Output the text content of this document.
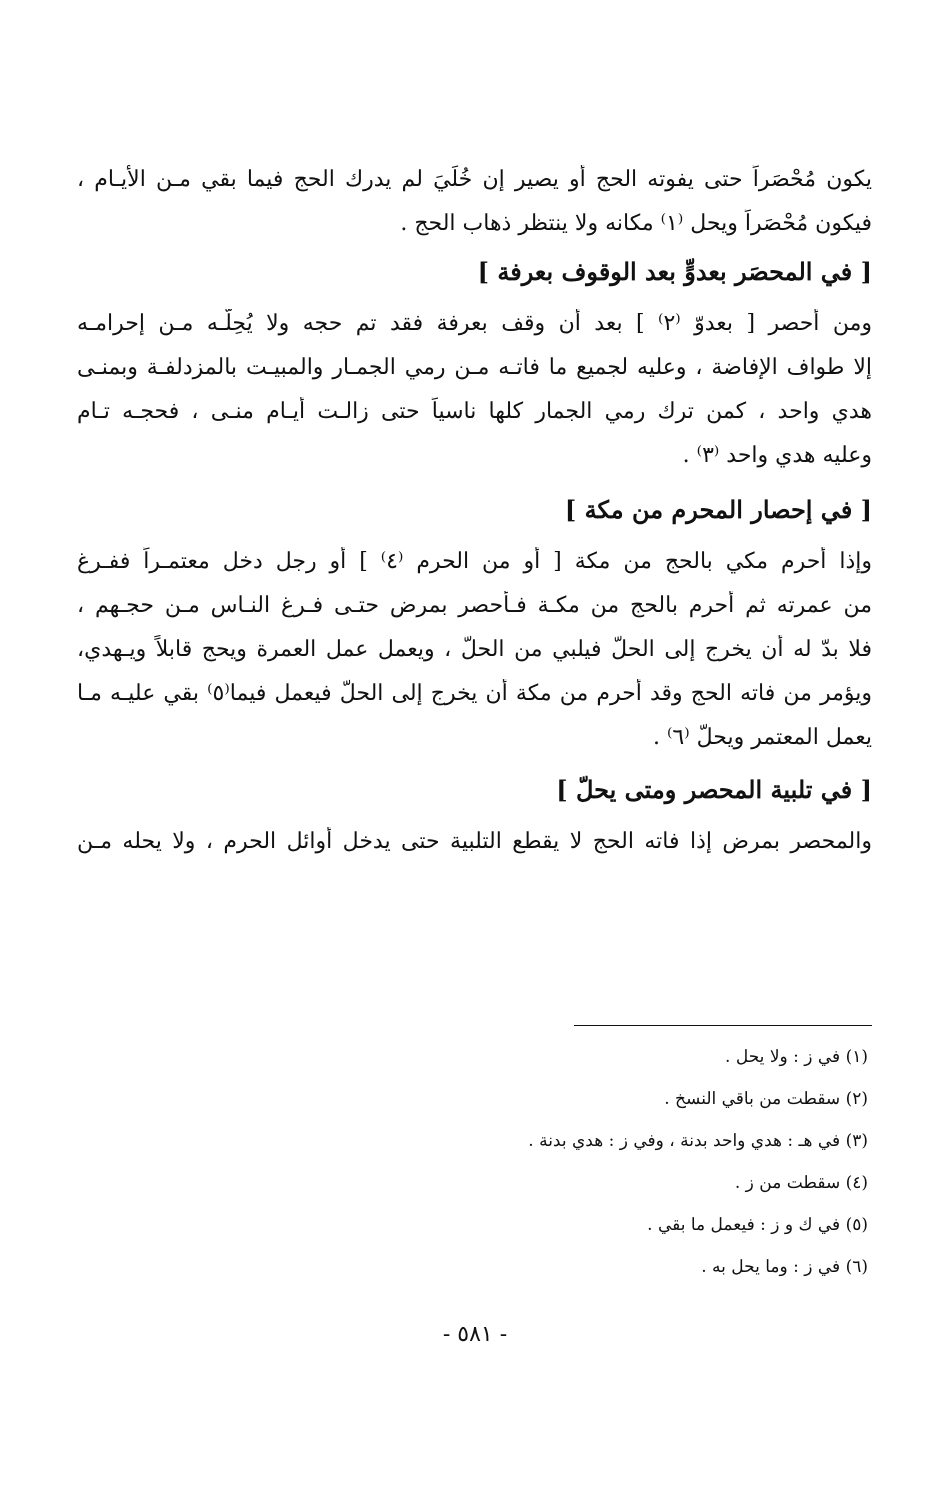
يكون مُحْصَراً حتى يفوته الحج أو يصير إن خُلِّيَ لم يدرك الحج فيما بقي مـن الأيـام ،
فيكون مُحْصَراً ويحل ⁽١⁾ مكانه ولا ينتظر ذهاب الحج .
[ في المحصَر بعدوٍّ بعد الوقوف بعرفة ]
ومن أحصر [ بعدوّ ⁽٢⁾ ] بعد أن وقف بعرفة فقد تم حجه ولا يُحِلُّـه مـن إحرامـه
إلا طواف الإفاضة ، وعليه لجميع ما فاتـه مـن رمي الجمـار والمبيـت بالمزدلفـة وبمنـى
هدي واحد ، كمن ترك رمي الجمار كلها ناسياً حتى زالـت أيـام منـى ، فحجـه تـام
وعليه هدي واحد ⁽٣⁾ .
[ في إحصار المحرم من مكة ]
وإذا أحرم مكي بالحج من مكة [ أو من الحرم ⁽٤⁾ ] أو رجل دخل معتمـراً ففـرغ
من عمرته ثم أحرم بالحج من مكـة فـأحصر بمرض حتـى فـرغ النـاس مـن حجـهم ،
فلا بدّ له أن يخرج إلى الحلّ فيلبي من الحلّ ، ويعمل عمل العمرة ويحج قابلاً ويـهدي،
ويؤمر من فاته الحج وقد أحرم من مكة أن يخرج إلى الحلّ فيعمل فيما⁽٥⁾ بقي عليـه مـا
يعمل المعتمر ويحلّ ⁽٦⁾ .
[ في تلبية المحصر ومتى يحلّ ]
والمحصر بمرض إذا فاته الحج لا يقطع التلبية حتى يدخل أوائل الحرم ، ولا يحله مـن
(١) في ز : ولا يحل .
(٢) سقطت من باقي النسخ .
(٣) في هـ : هدي واحد بدنة ، وفي ز : هدي بدنة .
(٤) سقطت من ز .
(٥) في ك و ز : فيعمل ما بقي .
(٦) في ز : وما يحل به .
- ٥٨١ -
